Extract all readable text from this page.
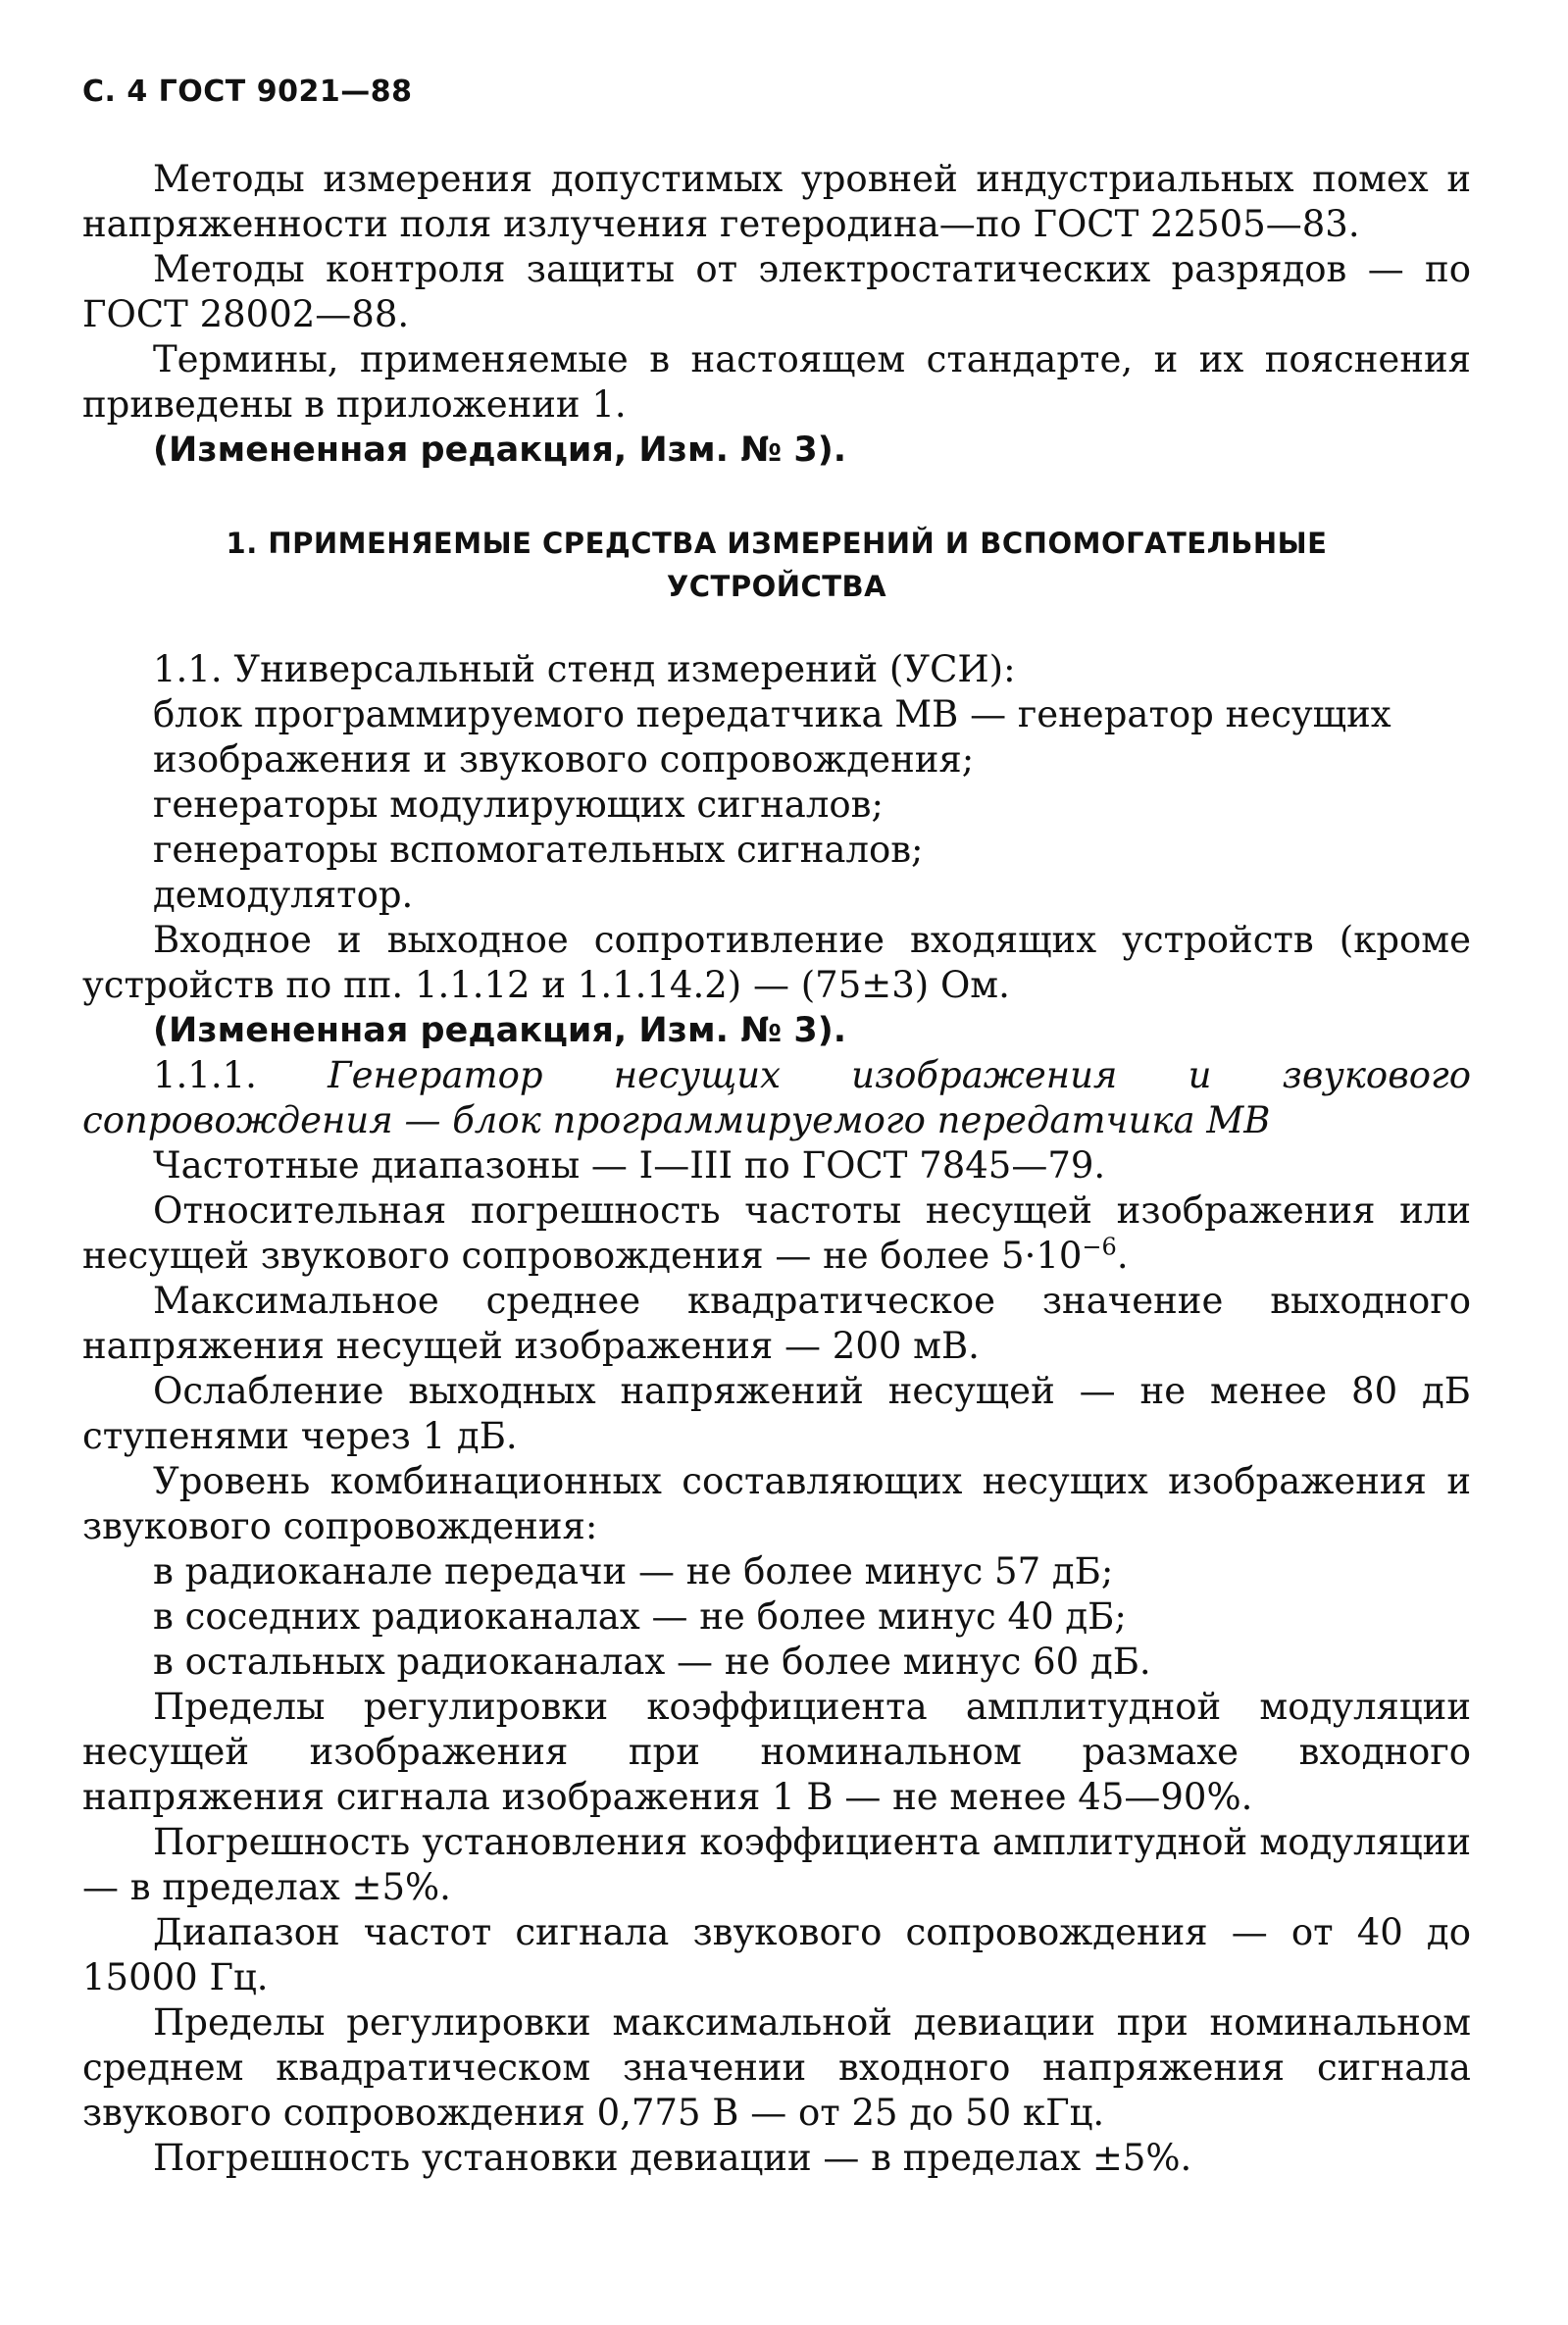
С. 4 ГОСТ 9021—88

Методы измерения допустимых уровней индустриальных помех и напряженности поля излучения гетеродина—по ГОСТ 22505—83.

Методы контроля защиты от электростатических разрядов — по ГОСТ 28002—88.

Термины, применяемые в настоящем стандарте, и их пояснения приведены в приложении 1.

(Измененная редакция, Изм. № 3).

1. ПРИМЕНЯЕМЫЕ СРЕДСТВА ИЗМЕРЕНИЙ И ВСПОМОГАТЕЛЬНЫЕ
УСТРОЙСТВА

1.1. Универсальный стенд измерений (УСИ):

блок программируемого передатчика МВ — генератор несущих изображения и звукового сопровождения;

генераторы модулирующих сигналов;

генераторы вспомогательных сигналов;

демодулятор.

Входное и выходное сопротивление входящих устройств (кроме устройств по пп. 1.1.12 и 1.1.14.2) — (75±3) Ом.

(Измененная редакция, Изм. № 3).

1.1.1. Генератор несущих изображения и звукового сопровождения — блок программируемого передатчика МВ

Частотные диапазоны — I—III по ГОСТ 7845—79.

Относительная погрешность частоты несущей изображения или несущей звукового сопровождения — не более $5\cdot 10^{-6}$.

Максимальное среднее квадратическое значение выходного напряжения несущей изображения — 200 мВ.

Ослабление выходных напряжений несущей — не менее 80 дБ ступенями через 1 дБ.

Уровень комбинационных составляющих несущих изображения и звукового сопровождения:

в радиоканале передачи — не более минус 57 дБ;

в соседних радиоканалах — не более минус 40 дБ;

в остальных радиоканалах — не более минус 60 дБ.

Пределы регулировки коэффициента амплитудной модуляции несущей изображения при номинальном размахе входного напряжения сигнала изображения 1 В — не менее 45—90%.

Погрешность установления коэффициента амплитудной модуляции — в пределах ±5%.

Диапазон частот сигнала звукового сопровождения — от 40 до 15000 Гц.

Пределы регулировки максимальной девиации при номинальном среднем квадратическом значении входного напряжения сигнала звукового сопровождения 0,775 В — от 25 до 50 кГц.

Погрешность установки девиации — в пределах ±5%.
